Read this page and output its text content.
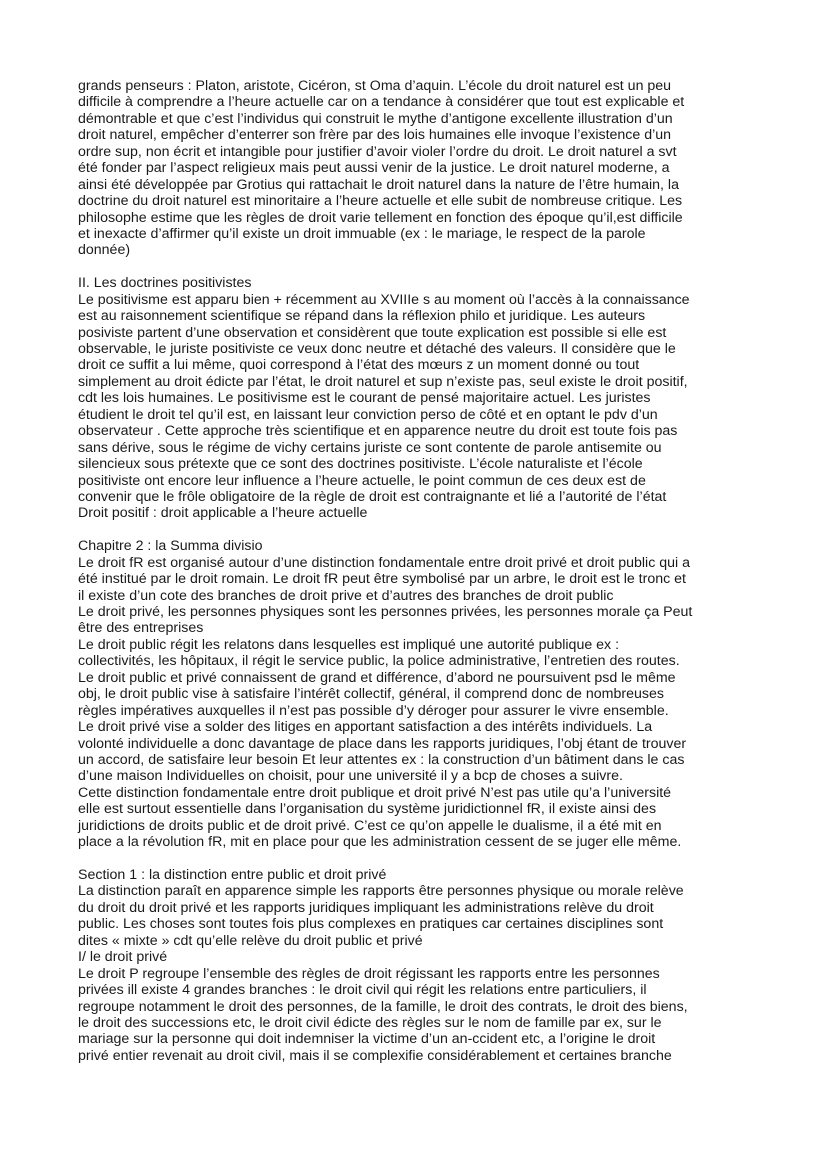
grands penseurs : Platon, aristote, Cicéron, st Oma d’aquin. L’école du droit naturel est un peu
difficile à comprendre a l’heure actuelle car on a tendance à considérer que tout est explicable et
démontrable et que c’est l’individus qui construit le mythe d’antigone excellente illustration d’un
droit naturel, empêcher d’enterrer son frère par des lois humaines elle invoque l’existence d’un
ordre sup, non écrit et intangible pour justifier d’avoir violer l’ordre du droit. Le droit naturel a svt
été fonder par l’aspect religieux mais peut aussi venir de la justice. Le droit naturel moderne, a
ainsi été développée par Grotius qui rattachait le droit naturel dans la nature de l’être humain, la
doctrine du droit naturel est minoritaire a l’heure actuelle et elle subit de nombreuse critique. Les
philosophe estime que les règles de droit varie tellement en fonction des époque qu’il,est difficile
et inexacte d’affirmer qu’il existe un droit immuable (ex : le mariage, le respect de la parole
donnée)
II. Les doctrines positivistes
Le positivisme est apparu bien + récemment au XVIIIe s au moment où l’accès à la connaissance
est au raisonnement scientifique se répand dans la réflexion philo et juridique. Les auteurs
posiviste partent d’une observation et considèrent que toute explication est possible si elle est
observable, le juriste positiviste ce veux donc neutre et détaché des valeurs. Il considère que le
droit ce suffit a lui même, quoi correspond à l’état des mœurs z un moment donné ou tout
simplement au droit édicte par l’état, le droit naturel et sup n’existe pas, seul existe le droit positif,
cdt les lois humaines. Le positivisme est le courant de pensé majoritaire actuel. Les juristes
étudient le droit tel qu’il est, en laissant leur conviction perso de côté et en optant le pdv d’un
observateur . Cette approche très scientifique et en apparence neutre du droit est toute fois pas
sans dérive, sous le régime de vichy certains juriste ce sont contente de parole antisemite ou
silencieux sous prétexte que ce sont des doctrines positiviste. L’école naturaliste et l’école
positiviste ont encore leur influence a l’heure actuelle, le point commun de ces deux est de
convenir que le frôle obligatoire de la règle de droit est contraignante et lié a l’autorité de l’état
Droit positif : droit applicable a l’heure actuelle
Chapitre 2 : la Summa divisio
Le droit fR est organisé autour d’une distinction fondamentale entre droit privé et droit public qui a
été institué par le droit romain. Le droit fR peut être symbolisé par un arbre, le droit est le tronc et
il existe d’un cote des branches de droit prive et d’autres des branches de droit public
Le droit privé, les personnes physiques sont les personnes privées, les personnes morale ça Peut
être des entreprises
Le droit public régit les relatons dans lesquelles est impliqué une autorité publique ex :
collectivités, les hôpitaux, il régit le service public, la police administrative, l’entretien des routes.
Le droit public et privé connaissent de grand et différence, d’abord ne poursuivent psd le même
obj, le droit public vise à satisfaire l’intérêt collectif, général, il comprend donc de nombreuses
règles impératives auxquelles il n’est pas possible d’y déroger pour assurer le vivre ensemble.
Le droit privé vise a solder des litiges en apportant satisfaction a des intérêts individuels. La
volonté individuelle a donc davantage de place dans les rapports juridiques, l’obj étant de trouver
un accord, de satisfaire leur besoin Et leur attentes ex : la construction d’un bâtiment dans le cas
d’une maison Individuelles on choisit, pour une université il y a bcp de choses a suivre.
Cette distinction fondamentale entre droit publique et droit privé N’est pas utile qu’a l’université
elle est surtout essentielle dans l’organisation du système juridictionnel fR, il existe ainsi des
juridictions de droits public et de droit privé. C’est ce qu’on appelle le dualisme, il a été mit en
place a la révolution fR, mit en place pour que les administration cessent de se juger elle même.
Section 1 : la distinction entre public et droit privé
La distinction paraît en apparence simple les rapports être personnes physique ou morale relève
du droit du droit privé et les rapports juridiques impliquant les administrations relève du droit
public. Les choses sont toutes fois plus complexes en pratiques car certaines disciplines sont
dites « mixte » cdt qu’elle relève du droit public et privé
I/ le droit privé
Le droit P regroupe l’ensemble des règles de droit régissant les rapports entre les personnes
privées ill existe 4 grandes branches : le droit civil qui régit les relations entre particuliers, il
regroupe notamment le droit des personnes, de la famille, le droit des contrats, le droit des biens,
le droit des successions etc, le droit civil édicte des règles sur le nom de famille par ex, sur le
mariage sur la personne qui doit indemniser la victime d’un an-ccident etc, a l’origine le droit
privé entier revenait au droit civil, mais il se complexifie considérablement et certaines branche
